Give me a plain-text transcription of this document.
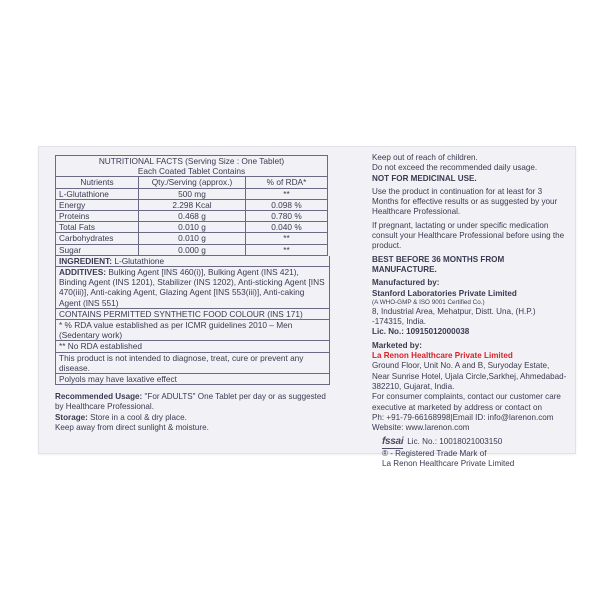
NUTRITIONAL FACTS (Serving Size : One Tablet)
Each Coated Tablet Contains		

Nutrients	Qty./Serving (approx.)	% of RDA*
L-Glutathione	500 mg	**
Energy	2.298 Kcal	0.098 %
Proteins	0.468 g	0.780 %
Total Fats	0.010 g	0.040 %
Carbohydrates	0.010 g	**
Sugar	0.000 g	**
INGREDIENT: L-Glutathione
ADDITIVES: Bulking Agent [INS 460(i)], Bulking Agent (INS 421), Binding Agent (INS 1201), Stabilizer (INS 1202), Anti-sticking Agent [INS 470(iii)], Anti-caking Agent, Glazing Agent [INS 553(iii)], Anti-caking Agent (INS 551)
CONTAINS PERMITTED SYNTHETIC FOOD COLOUR (INS 171)
* % RDA value established as per ICMR guidelines 2010 – Men (Sedentary work)
** No RDA established
This product is not intended to diagnose, treat, cure or prevent any disease.
Polyols may have laxative effect
Recommended Usage: "For ADULTS" One Tablet per day or as suggested by Healthcare Professional.
Storage: Store in a cool & dry place.
Keep away from direct sunlight & moisture.

Keep out of reach of children.

Do not exceed the recommended daily usage.

NOT FOR MEDICINAL USE.

Use the product in continuation for at least for 3 Months for effective results or as suggested by your Healthcare Professional.

If pregnant, lactating or under specific medication consult your Healthcare Professional before using the product.

BEST BEFORE 36 MONTHS FROM MANUFACTURE.

Manufactured by:
Stanford Laboratories Private Limited
(A WHO-GMP & ISO 9001 Certified Co.)
8, Industrial Area, Mehatpur, Distt. Una, (H.P.) -174315, India.

Lic. No.: 10915012000038

Marketed by:
La Renon Healthcare Private Limited
Ground Floor, Unit No. A and B, Suryoday Estate, Near Sunrise Hotel, Ujala Circle,Sarkhej, Ahmedabad-382210, Gujarat, India.
For consumer complaints, contact our customer care executive at marketed by address or contact on
Ph: +91-79-66168998|Email ID: info@larenon.com
Website: www.larenon.com
fssai Lic. No.: 10018021003150
® - Registered Trade Mark of
La Renon Healthcare Private Limited
